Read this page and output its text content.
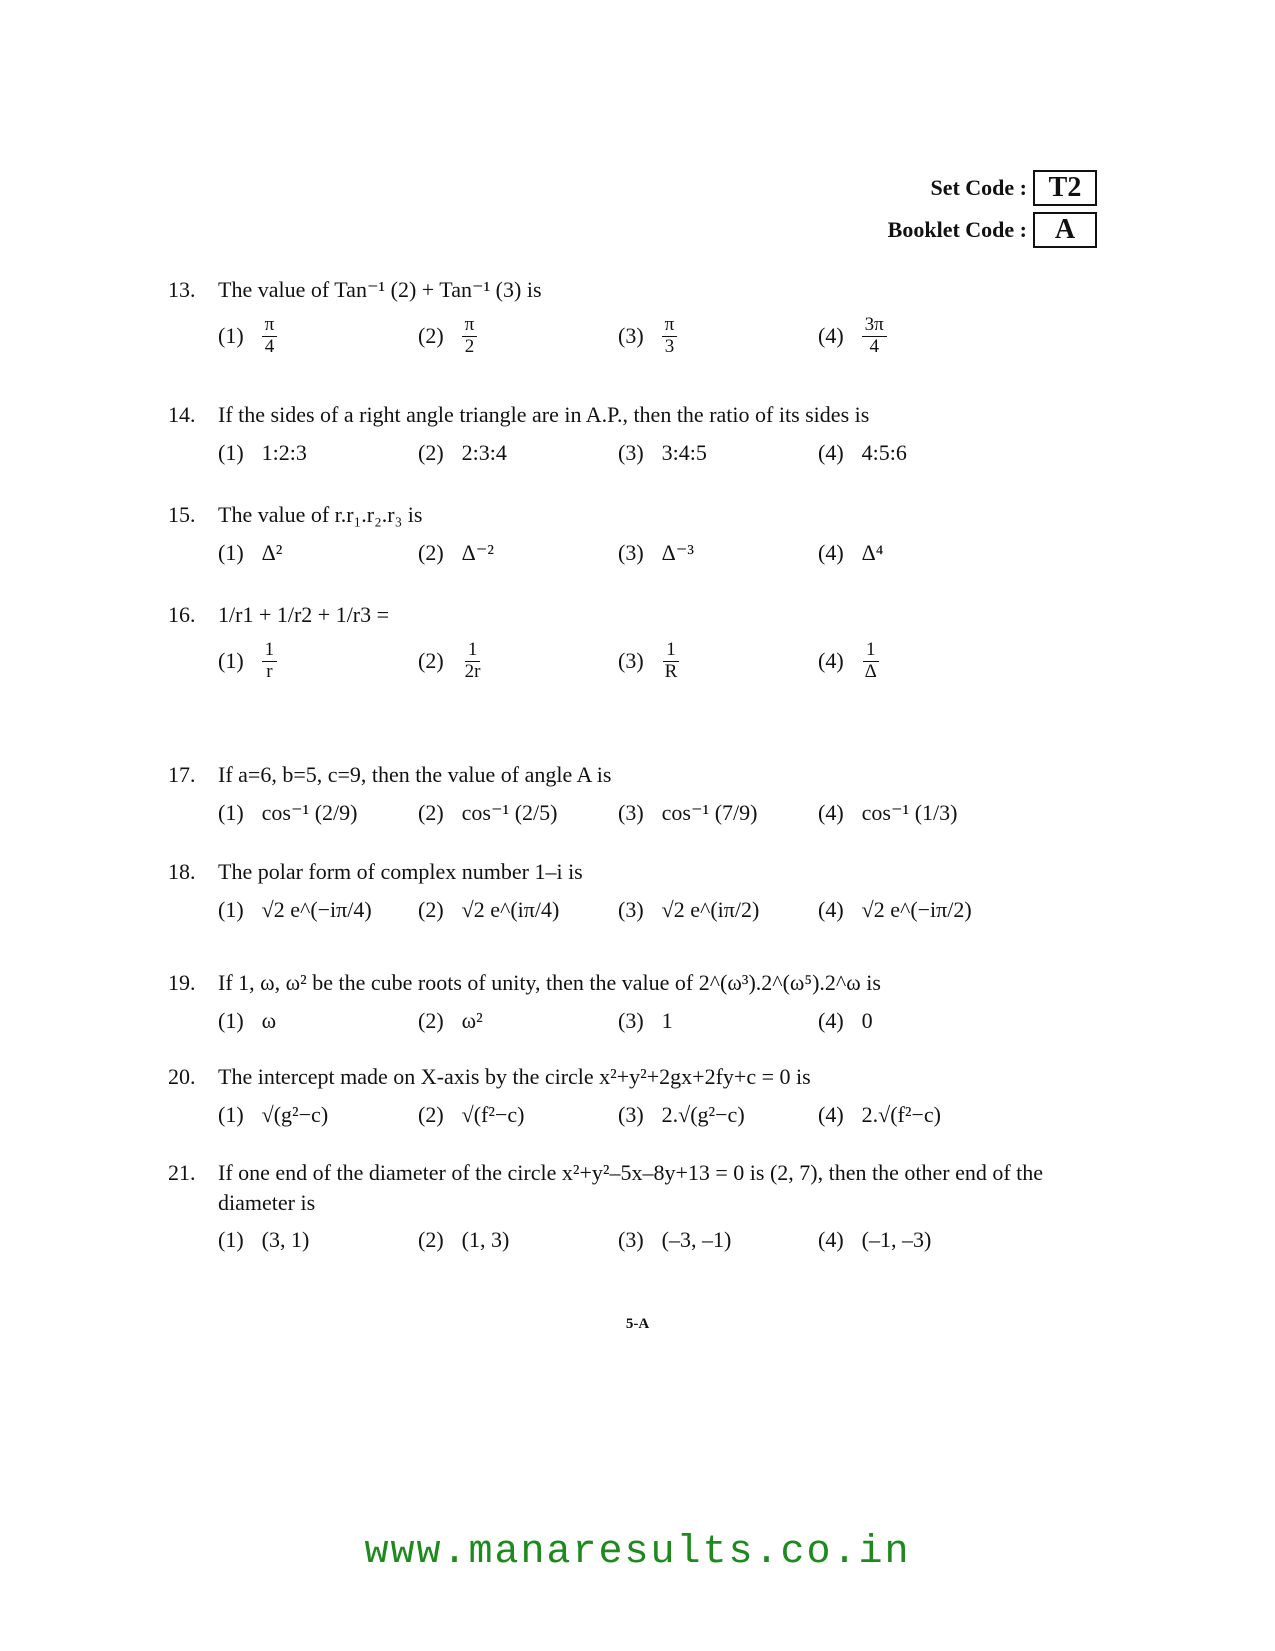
Set Code : T2
Booklet Code : A
13.	The value of Tan⁻¹ (2) + Tan⁻¹ (3) is
$(1) \frac{\pi}{4}$	$(2) \frac{\pi}{2}$	$(3) \frac{\pi}{3}$	$(4) \frac{3\pi}{4}$
14.	If the sides of a right angle triangle are in A.P., then the ratio of its sides is
(1) 1:2:3	(2) 2:3:4	(3) 3:4:5	(4) 4:5:6
15.	The value of r.r₁.r₂.r₃ is
(1) Δ²	(2) Δ⁻²	(3) Δ⁻³	(4) Δ⁴
16.	1/r1 + 1/r2 + 1/r3 =
$(1) \frac{1}{r}$	$(2) \frac{1}{2r}$	$(3) \frac{1}{R}$	$(4) \frac{1}{\Delta}$
17.	If a=6, b=5, c=9, then the value of angle A is
(1) cos⁻¹ (2/9)	(2) cos⁻¹ (2/5)	(3) cos⁻¹ (7/9)	(4) cos⁻¹ (1/3)
18.	The polar form of complex number 1–i is
(1) √2 e^(−iπ/4) (2) √2 e^(iπ/4)	(3) √2 e^(iπ/2)	(4) √2 e^(−iπ/2)
19.	If 1, ω, ω² be the cube roots of unity, then the value of 2^(ω³).2^(ω⁵).2^ω is
(1) ω	(2) ω²	(3) 1	(4) 0
20.	The intercept made on X-axis by the circle x²+y²+2gx+2fy+c = 0 is
(1) √(g²−c)	(2) √(f²−c)	(3) 2.√(g²−c)	(4) 2.√(f²−c)
21.	If one end of the diameter of the circle x²+y²–5x–8y+13 = 0 is (2, 7), then the other end of the diameter is
(1) (3, 1)	(2) (1, 3)	(3) (–3, –1)	(4) (–1, –3)
5-A
www.manaresults.co.in
